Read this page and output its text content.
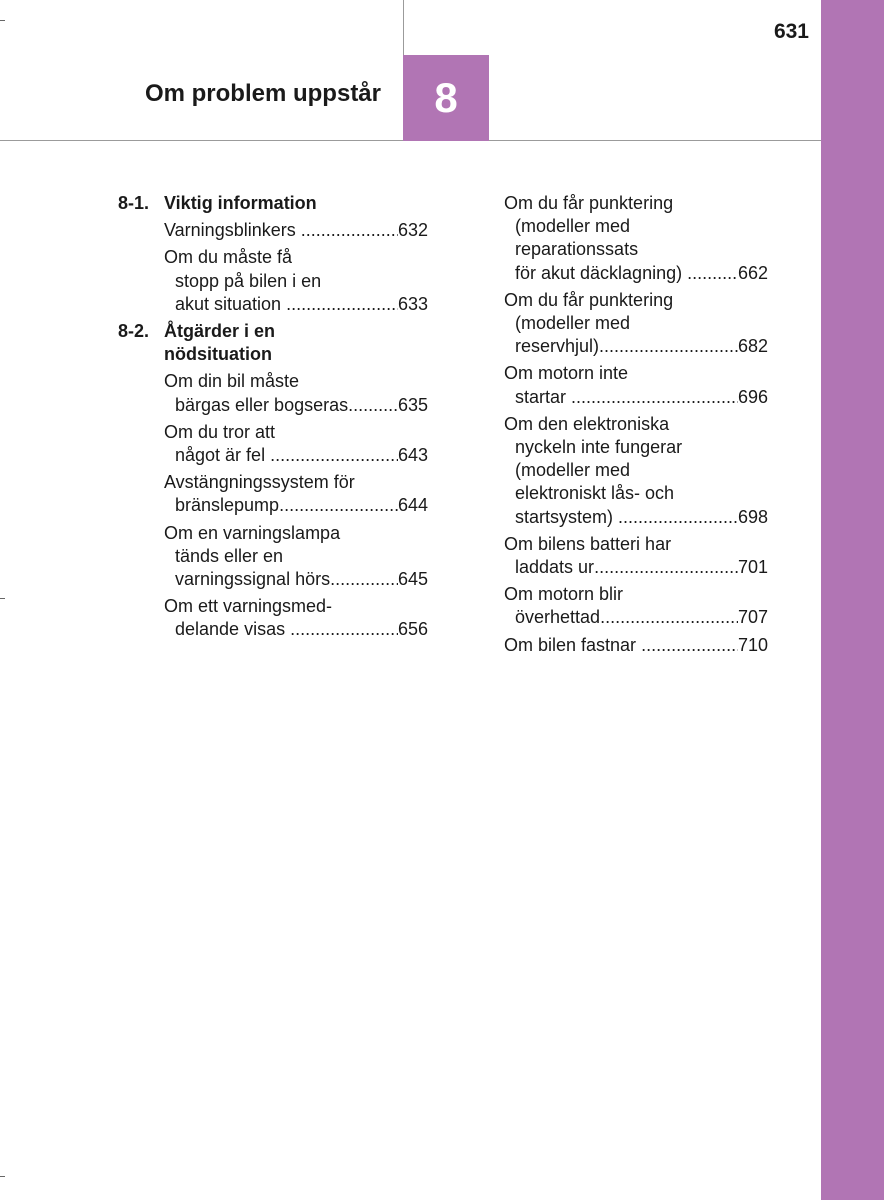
8
Om problem uppstår
631
8-1. Viktig information
Varningsblinkers .....	632
Om du måste få
stopp på bilen i en
akut situation .....	633
8-2. Åtgärder i en
nödsituation
Om din bil måste
bärgas eller bogseras .....	635
Om du tror att
något är fel .....	643
Avstängningssystem för
bränslepump .....	644
Om en varningslampa
tänds eller en
varningssignal hörs .....	645
Om ett varningsmed-
delande visas .....	656
Om du får punktering
(modeller med
reparationssats
för akut däcklagning) .....	662
Om du får punktering
(modeller med
reservhjul) .....	682
Om motorn inte
startar .....	696
Om den elektroniska
nyckeln inte fungerar
(modeller med
elektroniskt lås- och
startsystem) .....	698
Om bilens batteri har
laddats ur .....	701
Om motorn blir
överhettad .....	707
Om bilen fastnar .....	710
